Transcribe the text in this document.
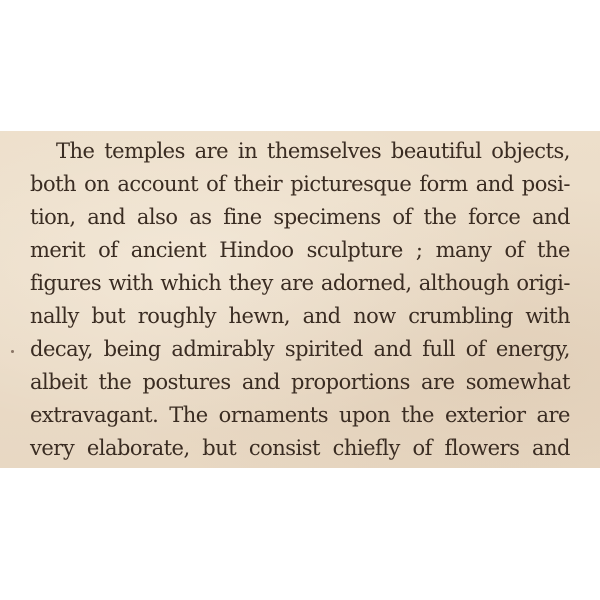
The temples are in themselves beautiful objects,
both on account of their picturesque form and posi-
tion, and also as fine specimens of the force and
merit of ancient Hindoo sculpture ; many of the
figures with which they are adorned, although origi-
nally but roughly hewn, and now crumbling with
decay, being admirably spirited and full of energy,
albeit the postures and proportions are somewhat
extravagant. The ornaments upon the exterior are
very elaborate, but consist chiefly of flowers and
